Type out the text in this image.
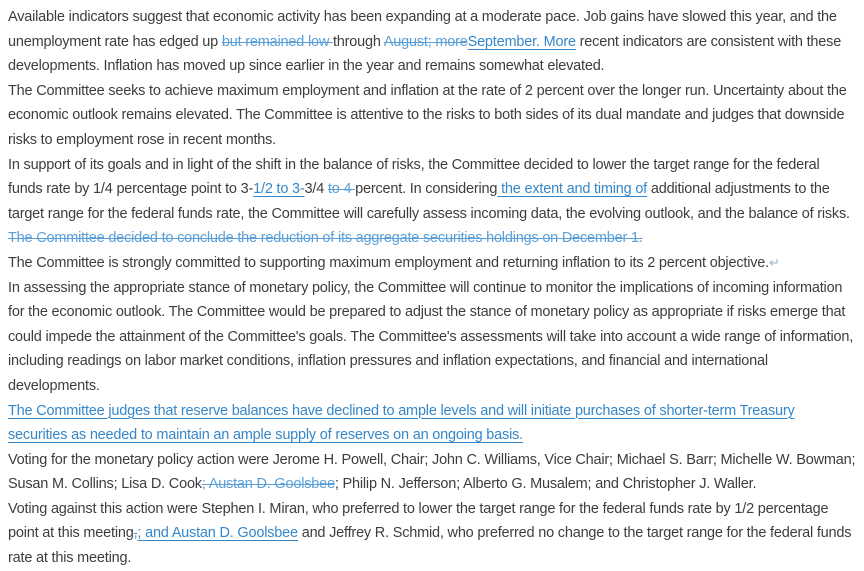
Available indicators suggest that economic activity has been expanding at a moderate pace. Job gains have slowed this year, and the unemployment rate has edged up but remained low through August; moreSeptember. More recent indicators are consistent with these developments. Inflation has moved up since earlier in the year and remains somewhat elevated.

The Committee seeks to achieve maximum employment and inflation at the rate of 2 percent over the longer run. Uncertainty about the economic outlook remains elevated. The Committee is attentive to the risks to both sides of its dual mandate and judges that downside risks to employment rose in recent months.

In support of its goals and in light of the shift in the balance of risks, the Committee decided to lower the target range for the federal funds rate by 1/4 percentage point to 3-1/2 to 3-3/4 to 4 percent. In considering the extent and timing of additional adjustments to the target range for the federal funds rate, the Committee will carefully assess incoming data, the evolving outlook, and the balance of risks. The Committee decided to conclude the reduction of its aggregate securities holdings on December 1.

The Committee is strongly committed to supporting maximum employment and returning inflation to its 2 percent objective.↵

In assessing the appropriate stance of monetary policy, the Committee will continue to monitor the implications of incoming information for the economic outlook. The Committee would be prepared to adjust the stance of monetary policy as appropriate if risks emerge that could impede the attainment of the Committee's goals. The Committee's assessments will take into account a wide range of information, including readings on labor market conditions, inflation pressures and inflation expectations, and financial and international developments.

The Committee judges that reserve balances have declined to ample levels and will initiate purchases of shorter-term Treasury securities as needed to maintain an ample supply of reserves on an ongoing basis.

Voting for the monetary policy action were Jerome H. Powell, Chair; John C. Williams, Vice Chair; Michael S. Barr; Michelle W. Bowman; Susan M. Collins; Lisa D. Cook; Austan D. Goolsbee; Philip N. Jefferson; Alberto G. Musalem; and Christopher J. Waller.

Voting against this action were Stephen I. Miran, who preferred to lower the target range for the federal funds rate by 1/2 percentage point at this meeting,; and Austan D. Goolsbee and Jeffrey R. Schmid, who preferred no change to the target range for the federal funds rate at this meeting.
